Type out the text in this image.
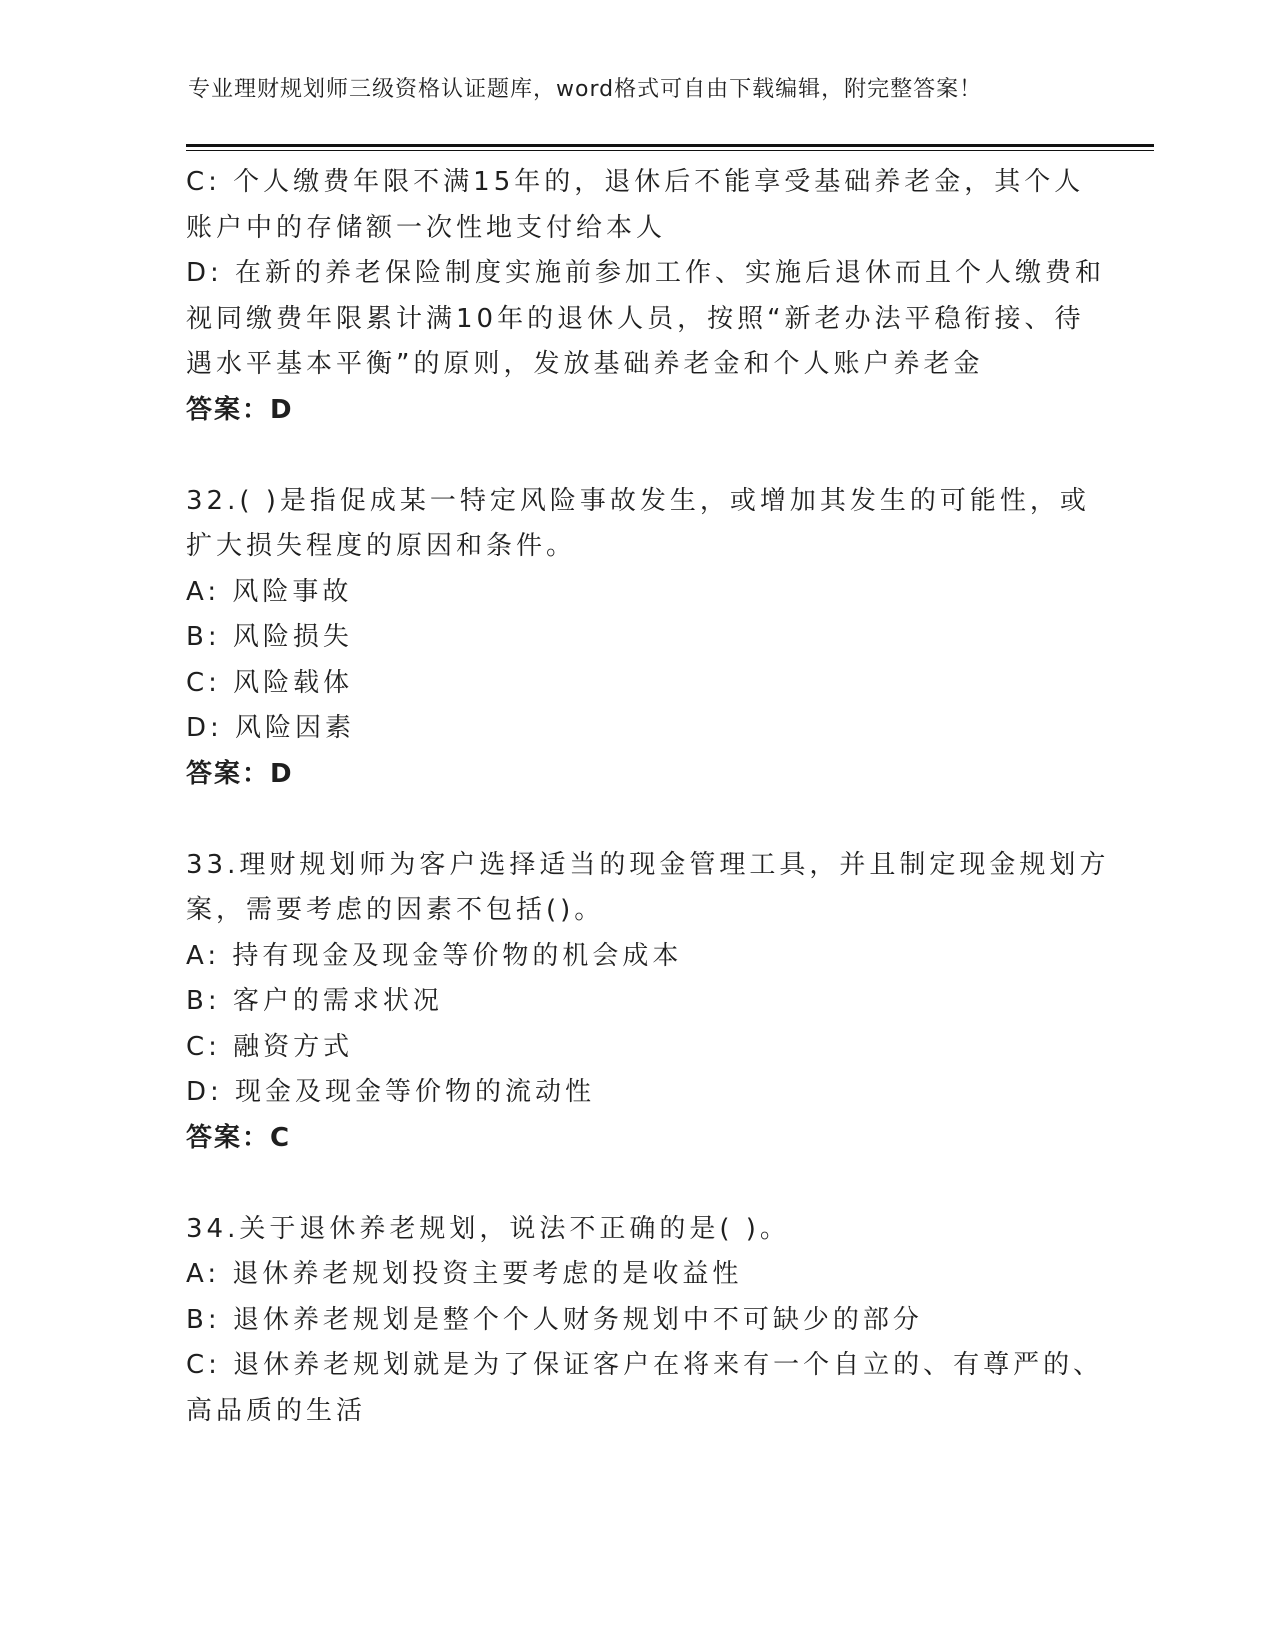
专业理财规划师三级资格认证题库，word格式可自由下载编辑，附完整答案！
C: 个人缴费年限不满15年的，退休后不能享受基础养老金，其个人
账户中的存储额一次性地支付给本人
D: 在新的养老保险制度实施前参加工作、实施后退休而且个人缴费和
视同缴费年限累计满10年的退休人员，按照“新老办法平稳衔接、待
遇水平基本平衡”的原则，发放基础养老金和个人账户养老金
答案：D
32.( )是指促成某一特定风险事故发生，或增加其发生的可能性，或
扩大损失程度的原因和条件。
A: 风险事故
B: 风险损失
C: 风险载体
D: 风险因素
答案：D
33.理财规划师为客户选择适当的现金管理工具，并且制定现金规划方
案，需要考虑的因素不包括()。
A: 持有现金及现金等价物的机会成本
B: 客户的需求状况
C: 融资方式
D: 现金及现金等价物的流动性
答案：C
34.关于退休养老规划，说法不正确的是( )。
A: 退休养老规划投资主要考虑的是收益性
B: 退休养老规划是整个个人财务规划中不可缺少的部分
C: 退休养老规划就是为了保证客户在将来有一个自立的、有尊严的、
高品质的生活
